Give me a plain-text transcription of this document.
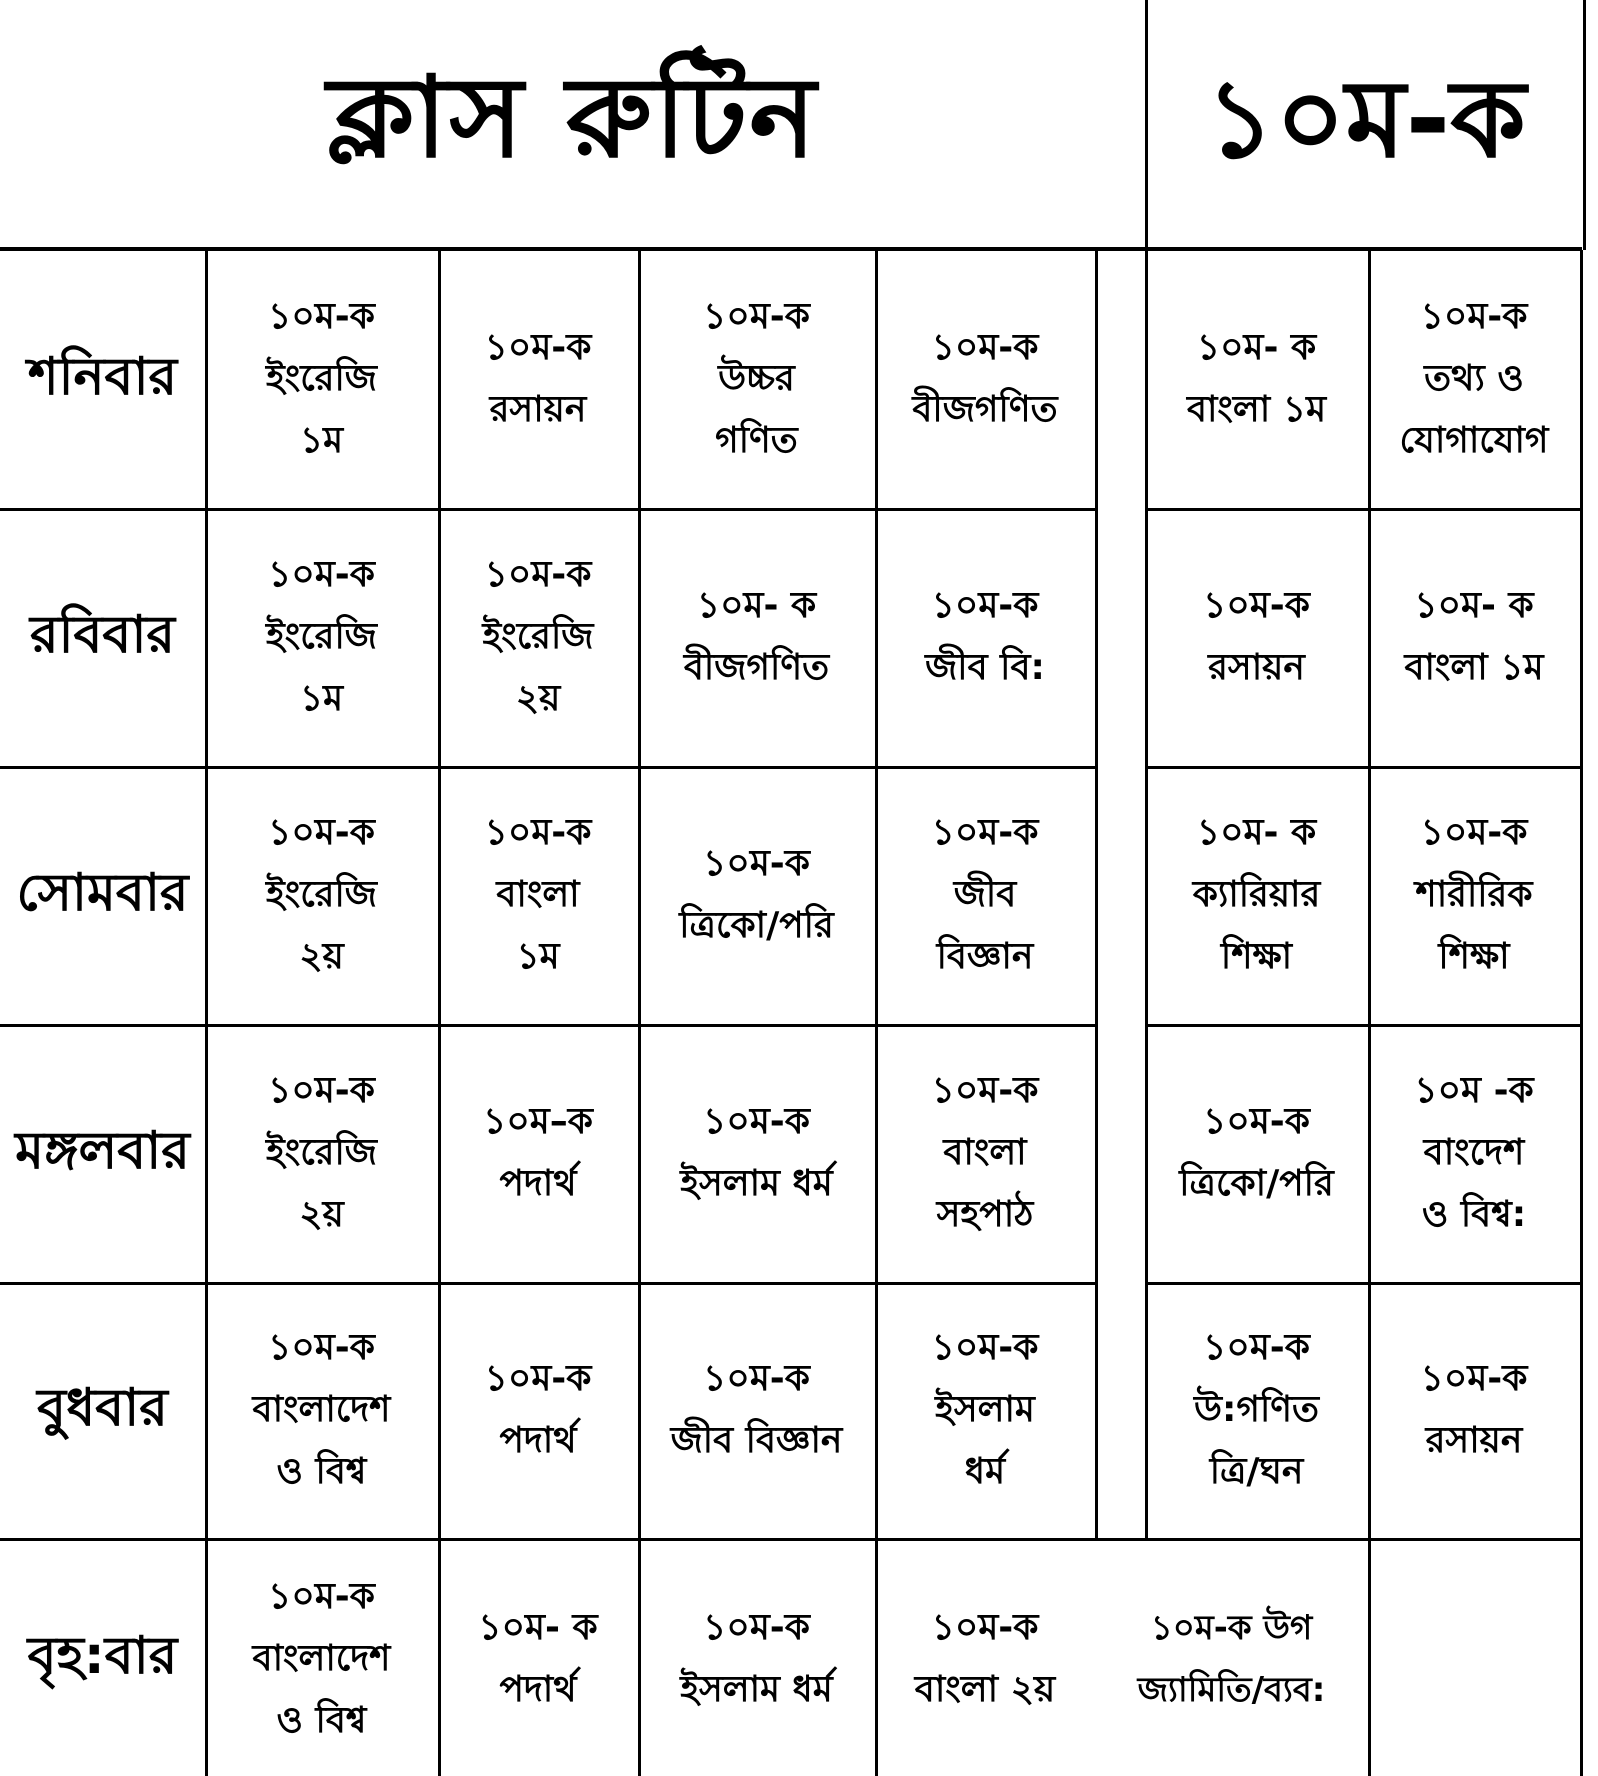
ক্লাস রুটিন	১০ম-ক
শনিবার
১০ম-ক
ইংরেজি
১ম
১০ম-ক
রসায়ন
১০ম-ক
উচ্চর
গণিত
১০ম-ক
বীজগণিত
১০ম- ক
বাংলা ১ম
১০ম-ক
তথ্য ও
যোগাযোগ
রবিবার
১০ম-ক
ইংরেজি
১ম
১০ম-ক
ইংরেজি
২য়
১০ম- ক
বীজগণিত
১০ম-ক
জীব বি:
১০ম-ক
রসায়ন
১০ম- ক
বাংলা ১ম
সোমবার
১০ম-ক
ইংরেজি
২য়
১০ম-ক
বাংলা
১ম
১০ম-ক
ত্রিকো/পরি
১০ম-ক
জীব
বিজ্ঞান
১০ম- ক
ক্যারিয়ার
শিক্ষা
১০ম-ক
শারীরিক
শিক্ষা
মঙ্গলবার
১০ম-ক
ইংরেজি
২য়
১০ম–ক
পদার্থ
১০ম-ক
ইসলাম ধর্ম
১০ম-ক
বাংলা
সহপাঠ
১০ম-ক
ত্রিকো/পরি
১০ম -ক
বাংদেশ
ও বিশ্ব:
বুধবার
১০ম-ক
বাংলাদেশ
ও বিশ্ব
১০ম-ক
পদার্থ
১০ম-ক
জীব বিজ্ঞান
১০ম-ক
ইসলাম
ধর্ম
১০ম-ক
উ:গণিত
ত্রি/ঘন
১০ম-ক
রসায়ন
বৃহ:বার
১০ম-ক
বাংলাদেশ
ও বিশ্ব
১০ম- ক
পদার্থ
১০ম-ক
ইসলাম ধর্ম
১০ম-ক
বাংলা ২য়
১০ম-ক উগ
জ্যামিতি/ব্যব:
